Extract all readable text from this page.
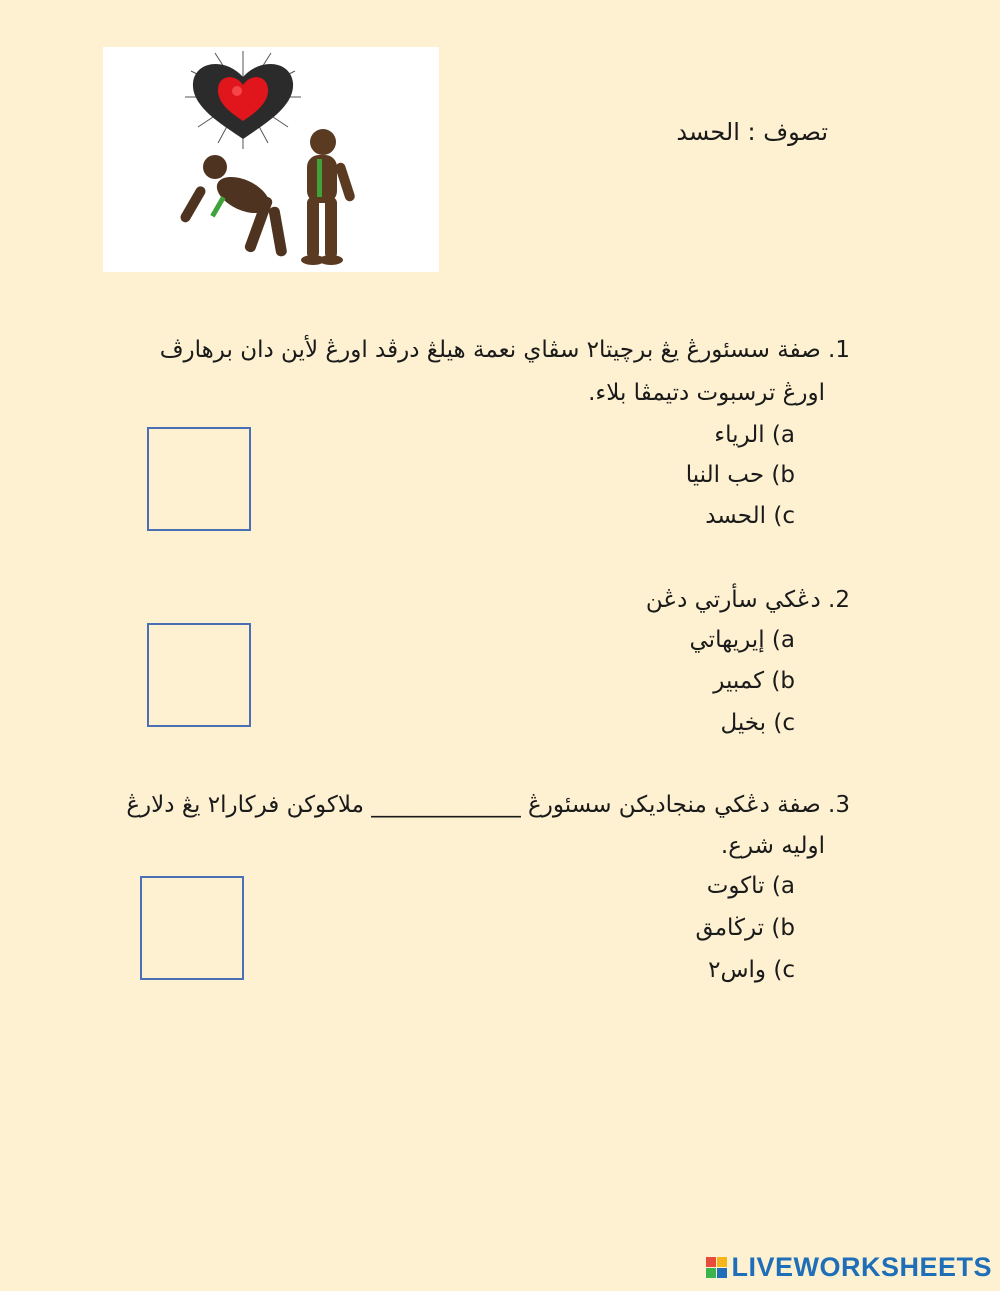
تصوف : الحسد
1. صفة سسئورڠ يڠ برچيتا٢ سڤاي نعمة هيلڠ درڤد اورڠ لأين دان برهارڤ
اورڠ ترسبوت دتيمڤا بلاء.
a) الرياء
b) حب النيا
c) الحسد
2. دڠکي سأرتي دڠن
a) إيريهاتي
b) کمبير
c) بخيل
3. صفة دڠکي منجاديکن سسئورڠ _____________ ملاکوکن فرکارا٢ يڠ دلارڠ
اوليه شرع.
a) تاکوت
b) ترڬامق
c) واس٢
LIVEWORKSHEETS
